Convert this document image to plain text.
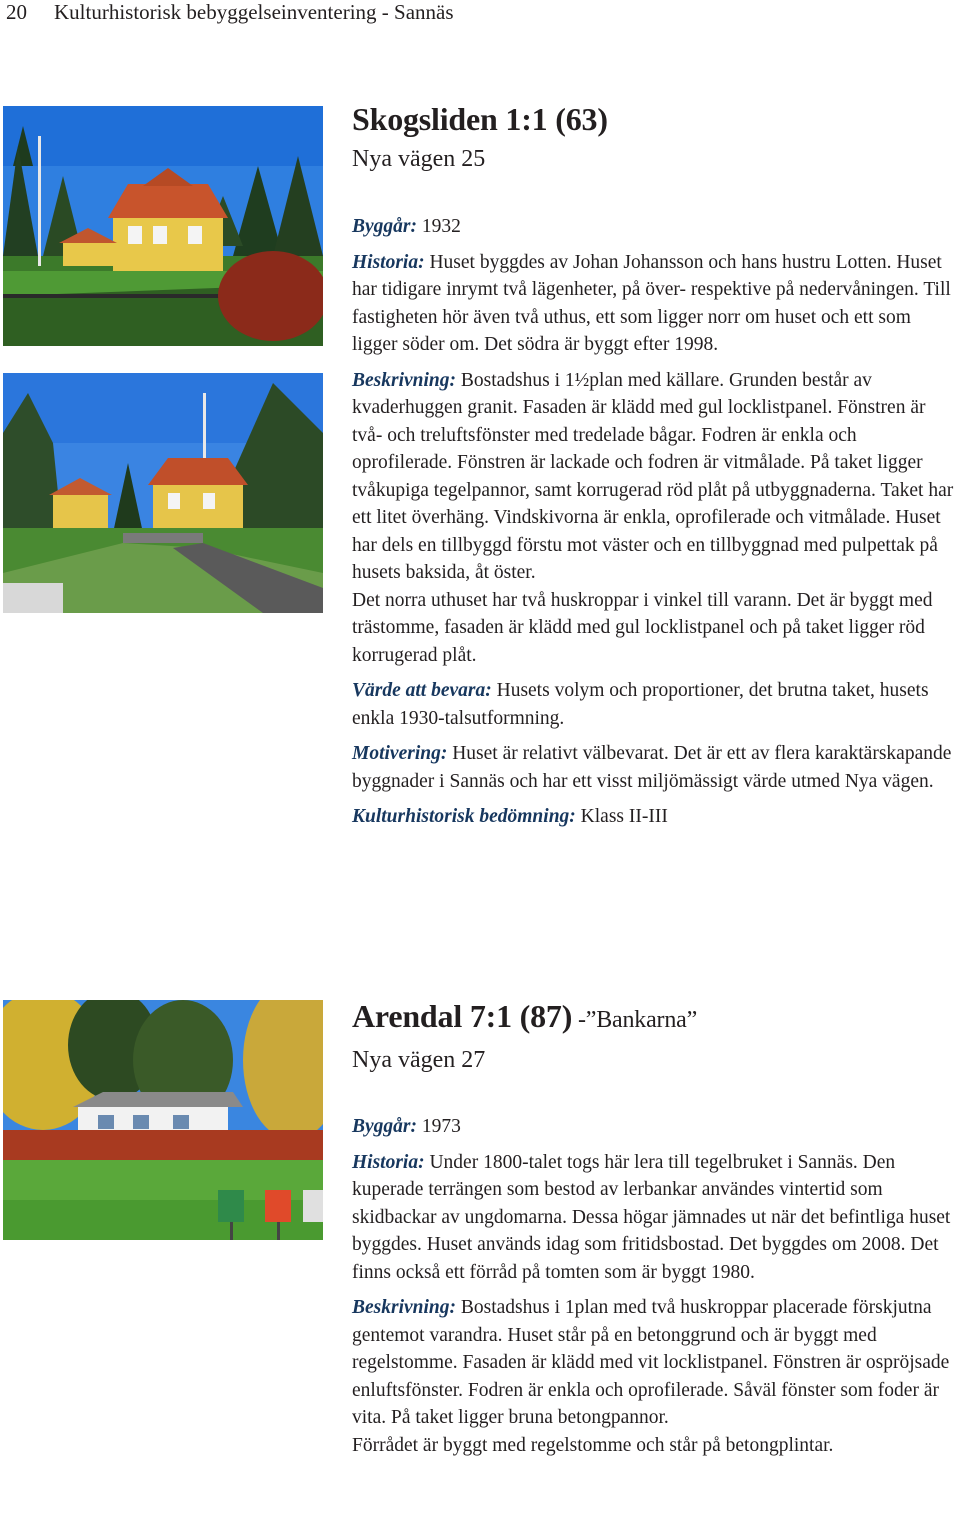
20 Kulturhistorisk bebyggelseinventering - Sannäs
Skogsliden 1:1 (63)
Nya vägen 25

Byggår: 1932

Historia: Huset byggdes av Johan Johansson och hans hustru Lotten. Huset har tidigare inrymt två lägenheter, på över- respektive på nedervåningen. Till fastigheten hör även två uthus, ett som ligger norr om huset och ett som ligger söder om. Det södra är byggt efter 1998.

Beskrivning: Bostadshus i 1½plan med källare. Grunden består av kvaderhuggen granit. Fasaden är klädd med gul locklistpanel. Fönstren är två- och treluftsfönster med tredelade bågar. Fodren är enkla och oprofilerade. Fönstren är lackade och fodren är vitmålade. På taket ligger tvåkupiga tegelpannor, samt korrugerad röd plåt på utbyggnaderna. Taket har ett litet överhäng. Vindskivorna är enkla, oprofilerade och vitmålade. Huset har dels en tillbyggd förstu mot väster och en tillbyggnad med pulpettak på husets baksida, åt öster.

Det norra uthuset har två huskroppar i vinkel till varann. Det är byggt med trästomme, fasaden är klädd med gul locklistpanel och på taket ligger röd korrugerad plåt.

Värde att bevara: Husets volym och proportioner, det brutna taket, husets enkla 1930-talsutformning.

Motivering: Huset är relativt välbevarat. Det är ett av flera karaktärskapande byggnader i Sannäs och har ett visst miljömässigt värde utmed Nya vägen.

Kulturhistorisk bedömning: Klass II-III

Arendal 7:1 (87) -”Bankarna”
Nya vägen 27

Byggår: 1973

Historia: Under 1800-talet togs här lera till tegelbruket i Sannäs. Den kuperade terrängen som bestod av lerbankar användes vintertid som skidbackar av ungdomarna. Dessa högar jämnades ut när det befintliga huset byggdes. Huset används idag som fritidsbostad. Det byggdes om 2008. Det finns också ett förråd på tomten som är byggt 1980.

Beskrivning: Bostadshus i 1plan med två huskroppar placerade förskjutna gentemot varandra. Huset står på en betonggrund och är byggt med regelstomme. Fasaden är klädd med vit locklistpanel. Fönstren är ospröjsade enluftsfönster. Fodren är enkla och oprofilerade. Såväl fönster som foder är vita. På taket ligger bruna betongpannor.

Förrådet är byggt med regelstomme och står på betongplintar.
